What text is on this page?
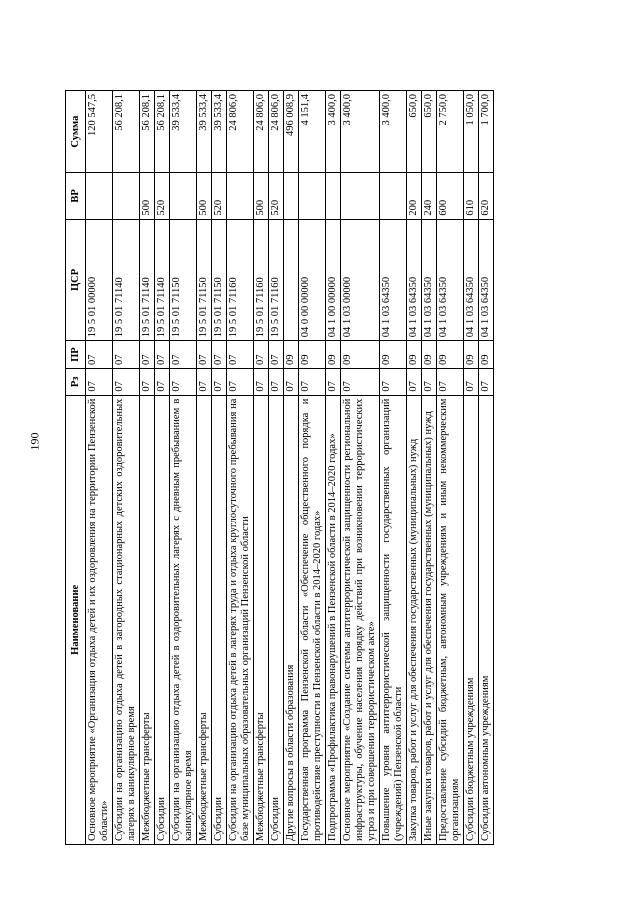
190
Наименование	Рз	ПР	ЦСР	ВР	Сумма
Основное мероприятие «Организация отдыха детей и их оздоровления на территории Пензенской области»	07	07	19 5 01 00000		120 547,5
Субсидии на организацию отдыха детей в загородных стационарных детских оздоровительных лагерях в каникулярное время	07	07	19 5 01 71140		56 208,1
Межбюджетные трансферты	07	07	19 5 01 71140	500	56 208,1
Субсидии	07	07	19 5 01 71140	520	56 208,1
Субсидии на организацию отдыха детей в оздоровительных лагерях с дневным пребыванием в каникулярное время	07	07	19 5 01 71150		39 533,4
Межбюджетные трансферты	07	07	19 5 01 71150	500	39 533,4
Субсидии	07	07	19 5 01 71150	520	39 533,4
Субсидии на организацию отдыха детей в лагерях труда и отдыха круглосуточного пребывания на базе муниципальных образовательных организаций Пензенской области	07	07	19 5 01 71160		24 806,0
Межбюджетные трансферты	07	07	19 5 01 71160	500	24 806,0
Субсидии	07	07	19 5 01 71160	520	24 806,0
Другие вопросы в области образования	07	09			496 008,9
Государственная программа Пензенской области «Обеспечение общественного порядка и противодействие преступности в Пензенской области в 2014–2020 годах»	07	09	04 0 00 00000		4 151,4
Подпрограмма «Профилактика правонарушений в Пензенской области в 2014–2020 годах»	07	09	04 1 00 00000		3 400,0
Основное мероприятие «Создание системы антитеррористической защищенности региональной инфраструктуры, обучение населения порядку действий при возникновении террористических угроз и при совершении террористическом акте»	07	09	04 1 03 00000		3 400,0
Повышение уровня антитеррористической защищенности государственных организаций (учреждений) Пензенской области	07	09	04 1 03 64350		3 400,0
Закупка товаров, работ и услуг для обеспечения государственных (муниципальных) нужд	07	09	04 1 03 64350	200	650,0
Иные закупки товаров, работ и услуг для обеспечения государственных (муниципальных) нужд	07	09	04 1 03 64350	240	650,0
Предоставление субсидий бюджетным, автономным учреждениям и иным некоммерческим организациям	07	09	04 1 03 64350	600	2 750,0
Субсидии бюджетным учреждениям	07	09	04 1 03 64350	610	1 050,0
Субсидии автономным учреждениям	07	09	04 1 03 64350	620	1 700,0
